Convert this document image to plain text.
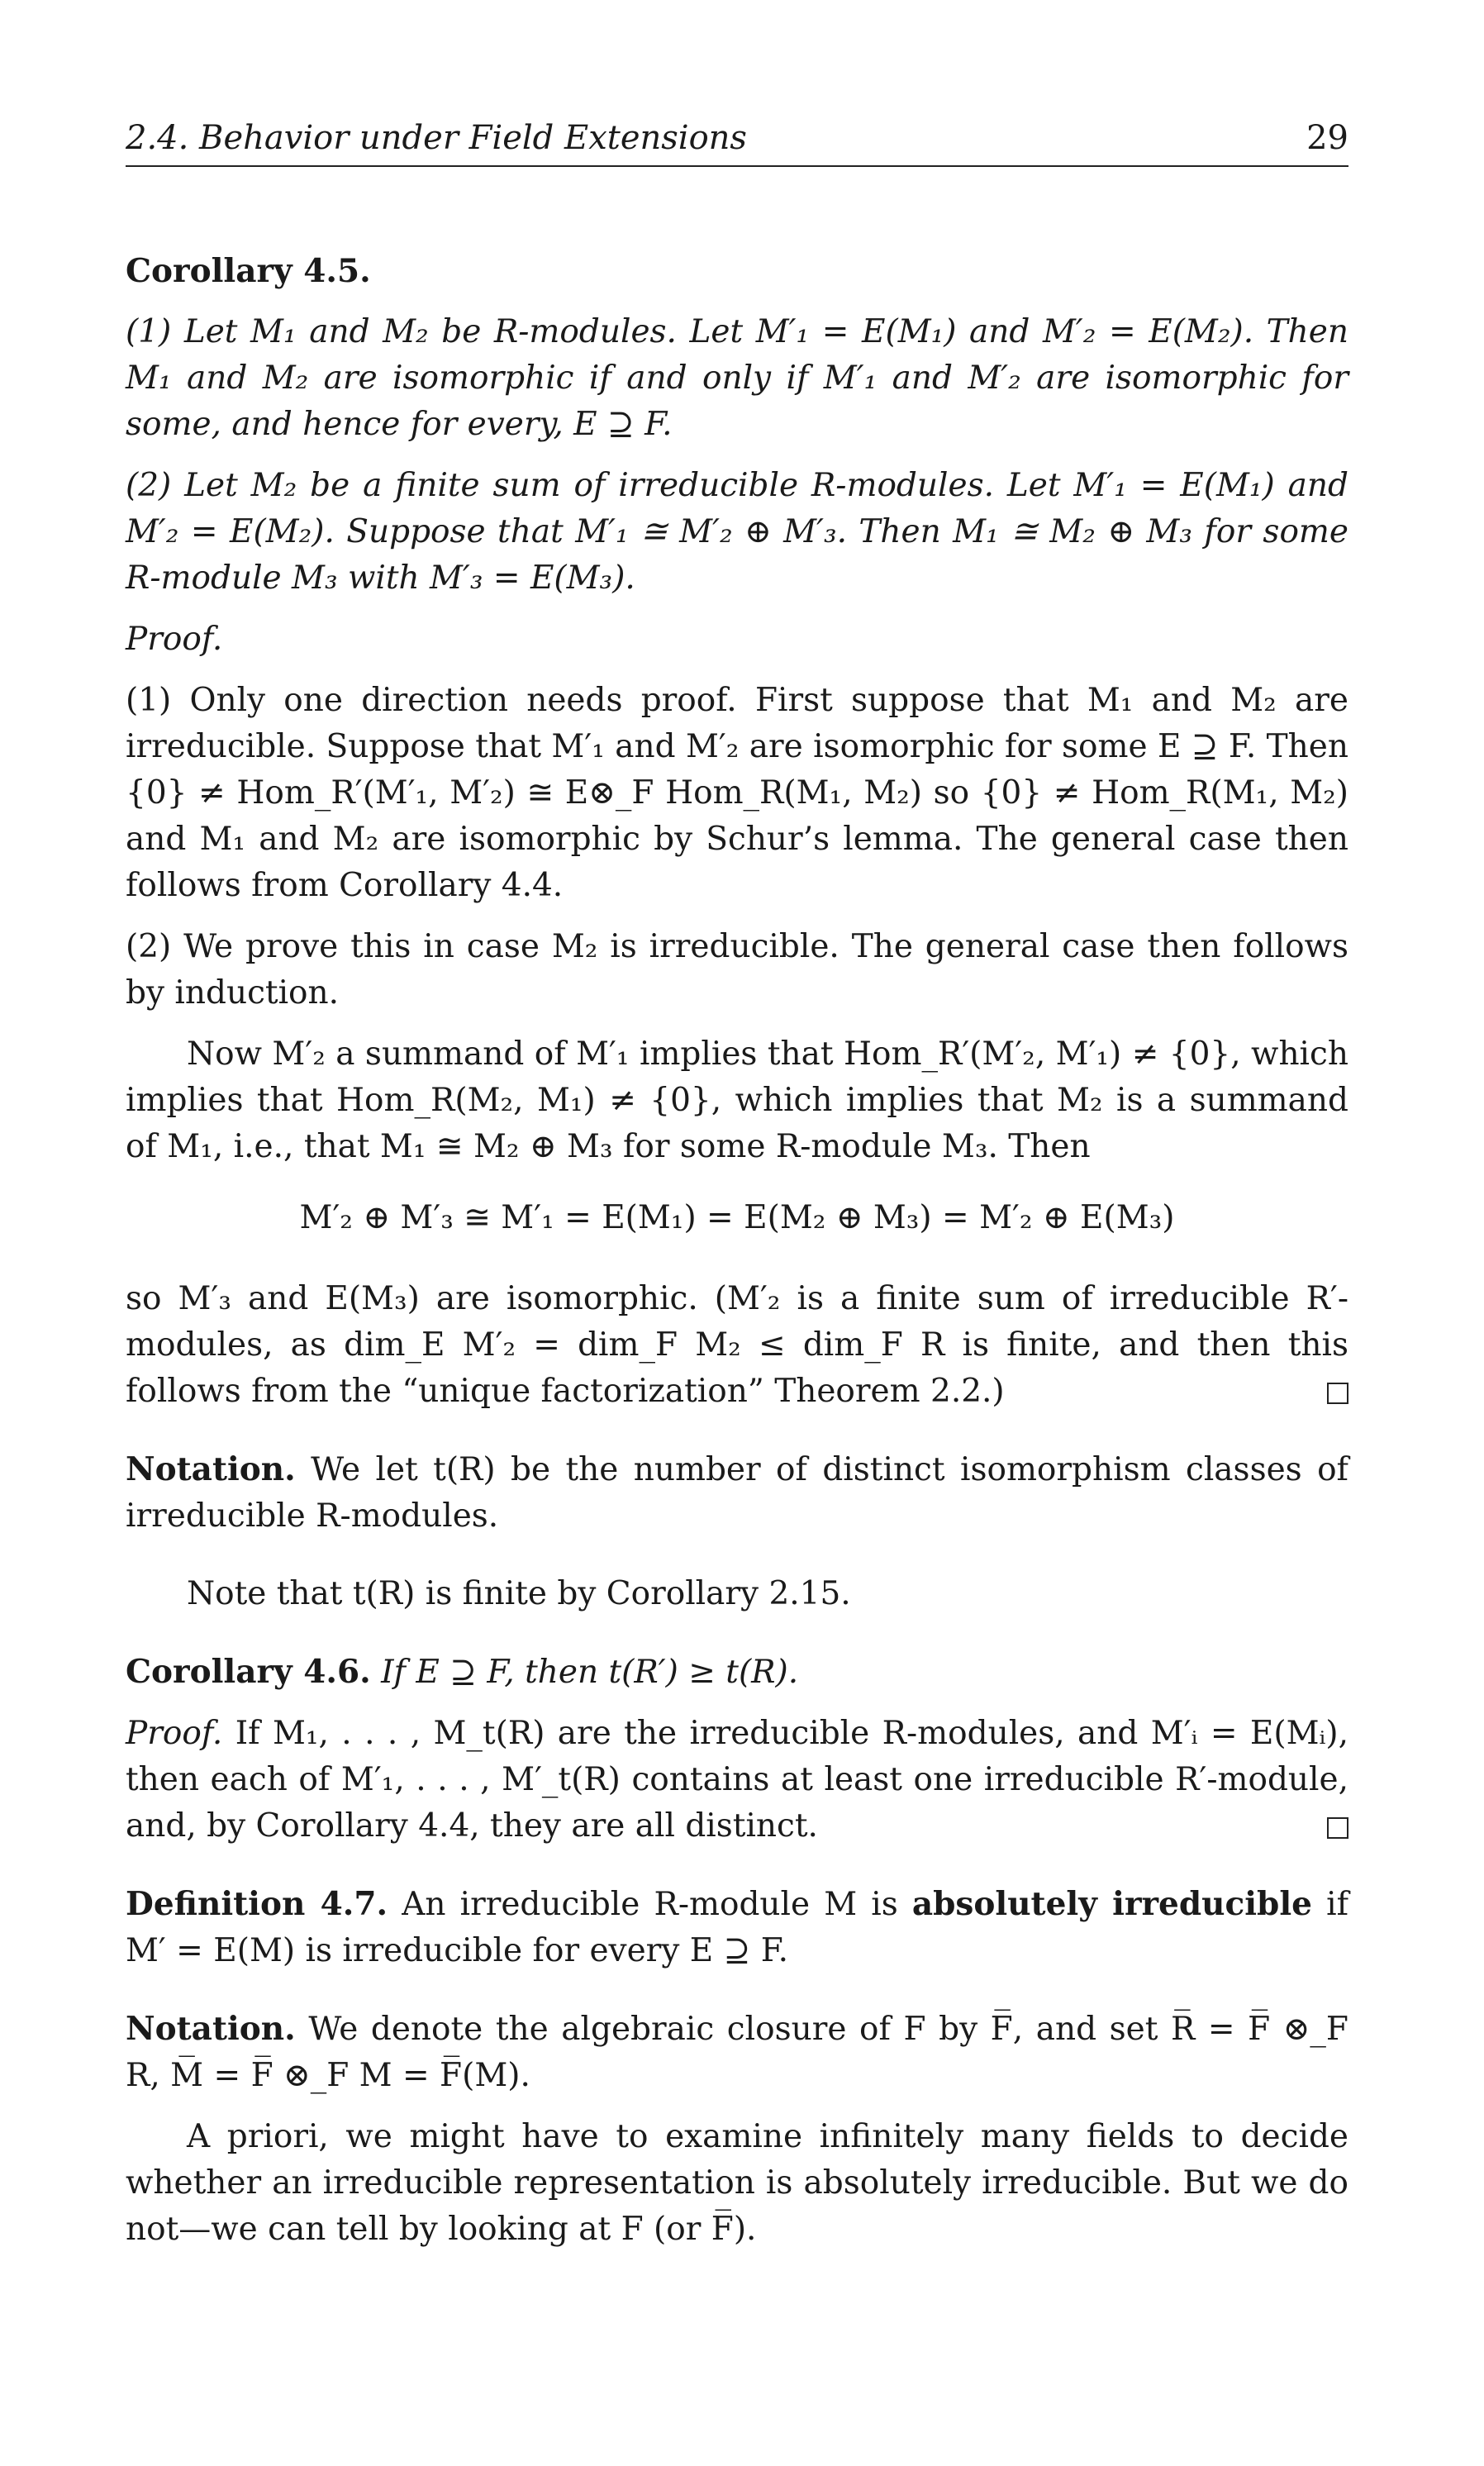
2.4. Behavior under Field Extensions	29

Corollary 4.5.

(1) Let M₁ and M₂ be R-modules. Let M′₁ = E(M₁) and M′₂ = E(M₂). Then M₁ and M₂ are isomorphic if and only if M′₁ and M′₂ are isomorphic for some, and hence for every, E ⊇ F.

(2) Let M₂ be a finite sum of irreducible R-modules. Let M′₁ = E(M₁) and M′₂ = E(M₂). Suppose that M′₁ ≅ M′₂ ⊕ M′₃. Then M₁ ≅ M₂ ⊕ M₃ for some R-module M₃ with M′₃ = E(M₃).

Proof.

(1) Only one direction needs proof. First suppose that M₁ and M₂ are irreducible. Suppose that M′₁ and M′₂ are isomorphic for some E ⊇ F. Then {0} ≠ Hom_R′(M′₁, M′₂) ≅ E⊗_F Hom_R(M₁, M₂) so {0} ≠ Hom_R(M₁, M₂) and M₁ and M₂ are isomorphic by Schur’s lemma. The general case then follows from Corollary 4.4.

(2) We prove this in case M₂ is irreducible. The general case then follows by induction.

Now M′₂ a summand of M′₁ implies that Hom_R′(M′₂, M′₁) ≠ {0}, which implies that Hom_R(M₂, M₁) ≠ {0}, which implies that M₂ is a summand of M₁, i.e., that M₁ ≅ M₂ ⊕ M₃ for some R-module M₃. Then

M′₂ ⊕ M′₃ ≅ M′₁ = E(M₁) = E(M₂ ⊕ M₃) = M′₂ ⊕ E(M₃)

so M′₃ and E(M₃) are isomorphic. (M′₂ is a finite sum of irreducible R′-modules, as dim_E M′₂ = dim_F M₂ ≤ dim_F R is finite, and then this follows from the “unique factorization” Theorem 2.2.)

Notation. We let t(R) be the number of distinct isomorphism classes of irreducible R-modules.

Note that t(R) is finite by Corollary 2.15.

Corollary 4.6. If E ⊇ F, then t(R′) ≥ t(R).

Proof. If M₁, . . . , M_t(R) are the irreducible R-modules, and M′ᵢ = E(Mᵢ), then each of M′₁, . . . , M′_t(R) contains at least one irreducible R′-module, and, by Corollary 4.4, they are all distinct.

Definition 4.7. An irreducible R-module M is absolutely irreducible if M′ = E(M) is irreducible for every E ⊇ F.

Notation. We denote the algebraic closure of F by F̅, and set R̅ = F̅ ⊗_F R, M̅ = F̅ ⊗_F M = F̅(M).

A priori, we might have to examine infinitely many fields to decide whether an irreducible representation is absolutely irreducible. But we do not—we can tell by looking at F (or F̅).
